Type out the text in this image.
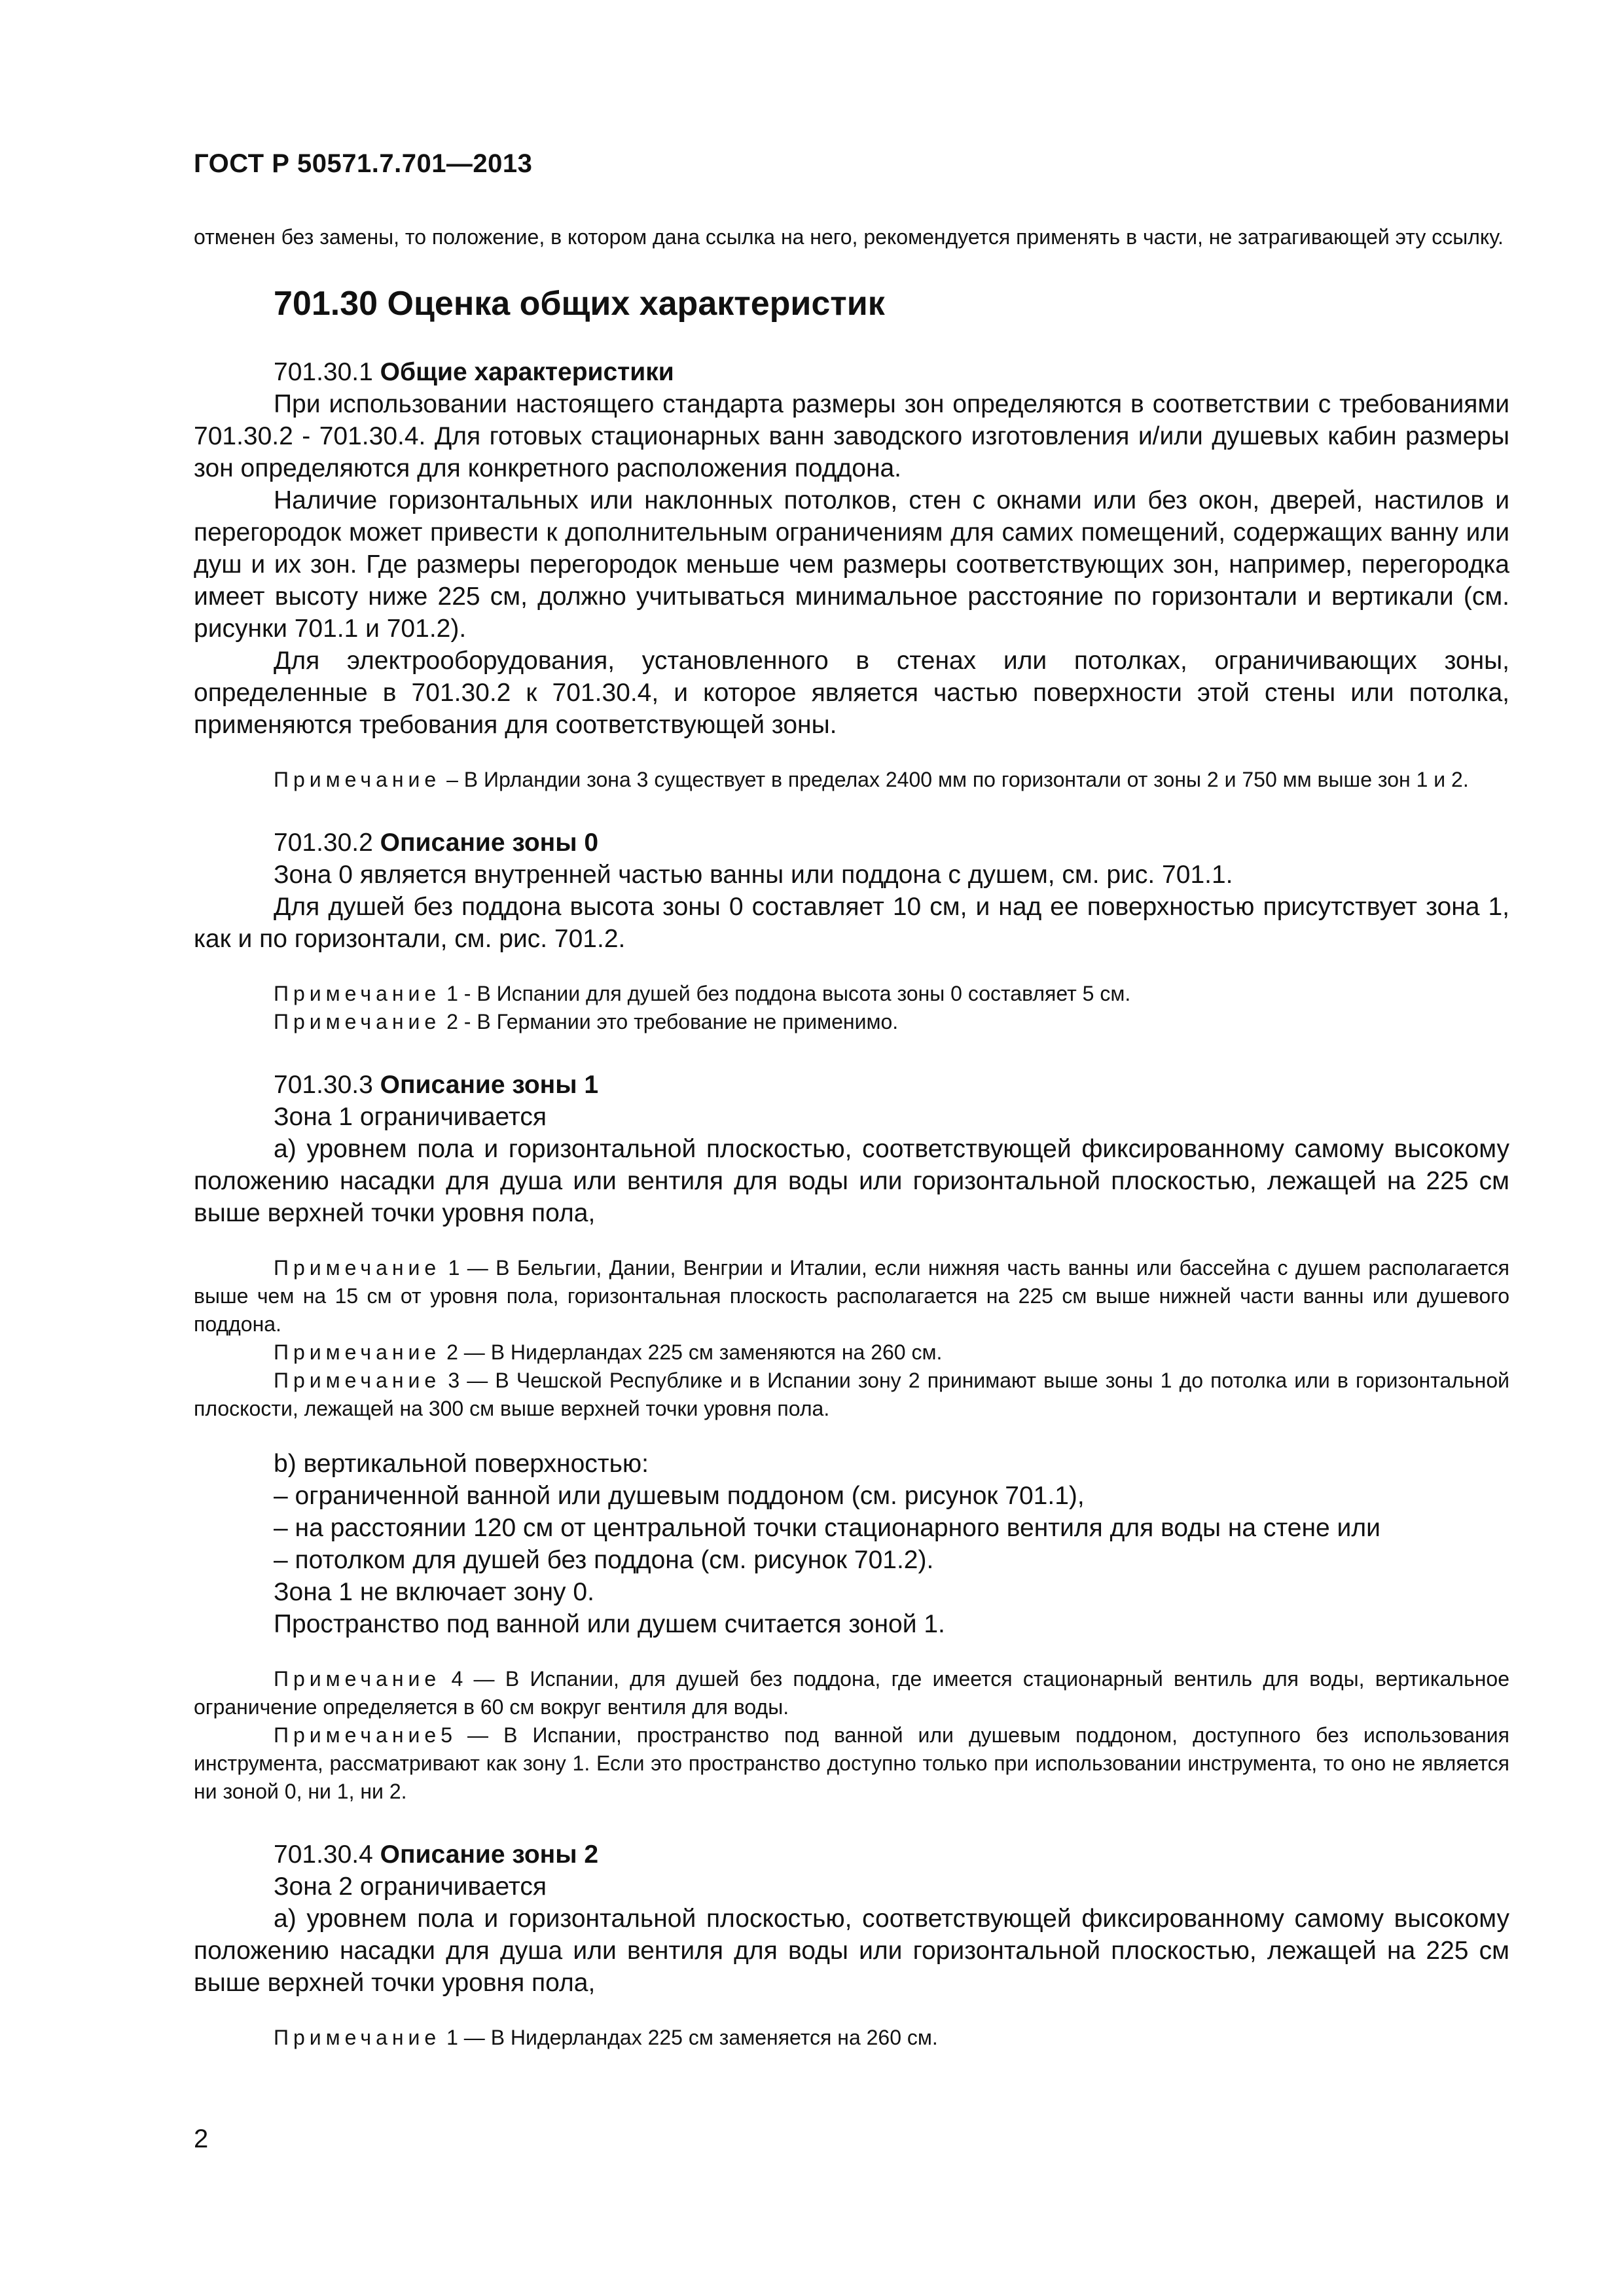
ГОСТ Р 50571.7.701—2013

отменен без замены, то положение, в котором дана ссылка на него, рекомендуется применять в части, не затрагивающей эту ссылку.

701.30 Оценка общих характеристик

701.30.1 Общие характеристики

При использовании настоящего стандарта размеры зон определяются в соответствии с требованиями 701.30.2 - 701.30.4. Для готовых стационарных ванн заводского изготовления и/или душевых кабин размеры зон определяются для конкретного расположения поддона.

Наличие горизонтальных или наклонных потолков, стен с окнами или без окон, дверей, настилов и перегородок может привести к дополнительным ограничениям для самих помещений, содержащих ванну или душ и их зон. Где размеры перегородок меньше чем размеры соответствующих зон, например, перегородка имеет высоту ниже 225 см, должно учитываться минимальное расстояние по горизонтали и вертикали (см. рисунки 701.1 и 701.2).

Для электрооборудования, установленного в стенах или потолках, ограничивающих зоны, определенные в 701.30.2 к 701.30.4, и которое является частью поверхности этой стены или потолка, применяются требования для соответствующей зоны.

Примечание – В Ирландии зона 3 существует в пределах 2400 мм по горизонтали от зоны 2 и 750 мм выше зон 1 и 2.

701.30.2 Описание зоны 0

Зона 0 является внутренней частью ванны или поддона с душем, см. рис. 701.1.

Для душей без поддона высота зоны 0 составляет 10 см, и над ее поверхностью присутствует зона 1, как и по горизонтали, см. рис. 701.2.

Примечание 1 - В Испании для душей без поддона высота зоны 0 составляет 5 см.

Примечание 2 - В Германии это требование не применимо.

701.30.3 Описание зоны 1

Зона 1 ограничивается

a) уровнем пола и горизонтальной плоскостью, соответствующей фиксированному самому высокому положению насадки для душа или вентиля для воды или горизонтальной плоскостью, лежащей на 225 см выше верхней точки уровня пола,

Примечание 1 — В Бельгии, Дании, Венгрии и Италии, если нижняя часть ванны или бассейна с душем располагается выше чем на 15 см от уровня пола, горизонтальная плоскость располагается на 225 см выше нижней части ванны или душевого поддона.

Примечание 2 — В Нидерландах 225 см заменяются на 260 см.

Примечание 3 — В Чешской Республике и в Испании зону 2 принимают выше зоны 1 до потолка или в горизонтальной плоскости, лежащей на 300 см выше верхней точки уровня пола.

b) вертикальной поверхностью:

– ограниченной ванной или душевым поддоном (см. рисунок 701.1),

– на расстоянии 120 см от центральной точки стационарного вентиля для воды на стене или

– потолком для душей без поддона (см. рисунок 701.2).

Зона 1 не включает зону 0.

Пространство под ванной или душем считается зоной 1.

Примечание 4 — В Испании, для душей без поддона, где имеется стационарный вентиль для воды, вертикальное ограничение определяется в 60 см вокруг вентиля для воды.

Примечание5 — В Испании, пространство под ванной или душевым поддоном, доступного без использования инструмента, рассматривают как зону 1. Если это пространство доступно только при использовании инструмента, то оно не является ни зоной 0, ни 1, ни 2.

701.30.4 Описание зоны 2

Зона 2 ограничивается

a) уровнем пола и горизонтальной плоскостью, соответствующей фиксированному самому высокому положению насадки для душа или вентиля для воды или горизонтальной плоскостью, лежащей на 225 см выше верхней точки уровня пола,

Примечание 1 — В Нидерландах 225 см заменяется на 260 см.

2
